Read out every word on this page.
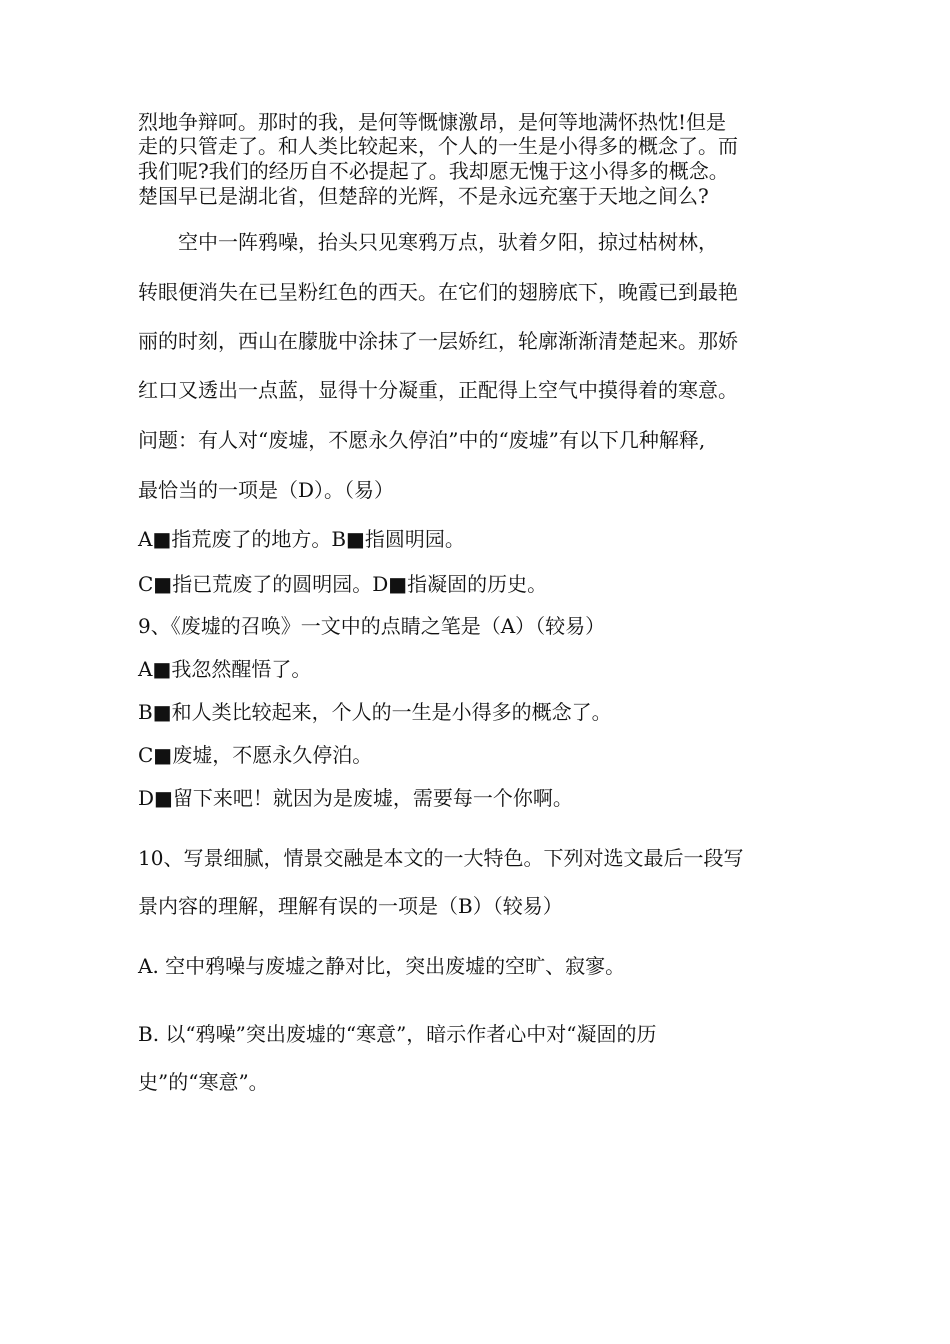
烈地争辩呵。那时的我，是何等慨慷激昂，是何等地满怀热忱!但是
走的只管走了。和人类比较起来，个人的一生是小得多的概念了。而
我们呢?我们的经历自不必提起了。我却愿无愧于这小得多的概念。
楚国早已是湖北省，但楚辞的光辉，不是永远充塞于天地之间么?
　　空中一阵鸦噪，抬头只见寒鸦万点，驮着夕阳，掠过枯树林，
转眼便消失在已呈粉红色的西天。在它们的翅膀底下，晚霞已到最艳
丽的时刻，西山在朦胧中涂抹了一层娇红，轮廓渐渐清楚起来。那娇
红口又透出一点蓝，显得十分凝重，正配得上空气中摸得着的寒意。
问题：有人对“废墟，不愿永久停泊”中的“废墟”有以下几种解释,
最恰当的一项是（D）。（易）
A■指荒废了的地方。B■指圆明园。
C■指已荒废了的圆明园。D■指凝固的历史。
9、《废墟的召唤》一文中的点睛之笔是（A）（较易）
A■我忽然醒悟了。
B■和人类比较起来，个人的一生是小得多的概念了。
C■废墟，不愿永久停泊。
D■留下来吧！就因为是废墟，需要每一个你啊。
10、写景细腻，情景交融是本文的一大特色。下列对选文最后一段写
景内容的理解，理解有误的一项是（B）（较易）
A. 空中鸦噪与废墟之静对比，突出废墟的空旷、寂寥。
B. 以“鸦噪”突出废墟的“寒意”，暗示作者心中对“凝固的历
史”的“寒意”。
